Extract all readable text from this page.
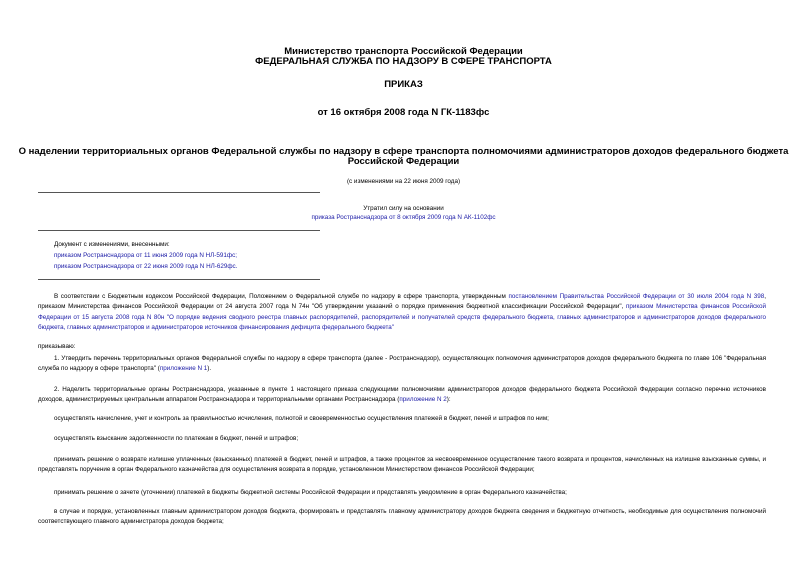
Министерство транспорта Российской Федерации
ФЕДЕРАЛЬНАЯ СЛУЖБА ПО НАДЗОРУ В СФЕРЕ ТРАНСПОРТА
ПРИКАЗ
от 16 октября 2008 года N ГК-1183фс
О наделении территориальных органов Федеральной службы по надзору в сфере транспорта полномочиями администраторов доходов федерального бюджета
Российской Федерации
(с изменениями на 22 июня 2009 года)
Утратил силу на основании
приказа Ространснадзора от 8 октября 2009 года N АК-1102фс
Документ с изменениями, внесенными:
приказом Ространснадзора от 11 июня 2009 года N НЛ-591фс;
приказом Ространснадзора от 22 июня 2009 года N НЛ-629фс.
В соответствии с Бюджетным кодексом Российской Федерации, Положением о Федеральной службе по надзору в сфере транспорта, утвержденным постановлением Правительства Российской Федерации от 30 июля 2004 года N 398, приказом Министерства финансов Российской Федерации от 24 августа 2007 года N 74н "Об утверждении указаний о порядке применения бюджетной классификации Российской Федерации", приказом Министерства финансов Российской Федерации от 15 августа 2008 года N 80н "О порядке ведения сводного реестра главных распорядителей, распорядителей и получателей средств федерального бюджета, главных администраторов и администраторов доходов федерального бюджета, главных администраторов и администраторов источников финансирования дефицита федерального бюджета"
приказываю:
1. Утвердить перечень территориальных органов Федеральной службы по надзору в сфере транспорта (далее - Ространснадзор), осуществляющих полномочия администраторов доходов федерального бюджета по главе 106 "Федеральная служба по надзору в сфере транспорта" (приложение N 1).
2. Наделить территориальные органы Ространснадзора, указанные в пункте 1 настоящего приказа следующими полномочиями администраторов доходов федерального бюджета Российской Федерации согласно перечню источников доходов, администрируемых центральным аппаратом Ространснадзора и территориальными органами Ространснадзора (приложение N 2):
осуществлять начисление, учет и контроль за правильностью исчисления, полнотой и своевременностью осуществления платежей в бюджет, пеней и штрафов по ним;
осуществлять взыскание задолженности по платежам в бюджет, пеней и штрафов;
принимать решение о возврате излишне уплаченных (взысканных) платежей в бюджет, пеней и штрафов, а также процентов за несвоевременное осуществление такого возврата и процентов, начисленных на излишне взысканные суммы, и представлять поручение в орган Федерального казначейства для осуществления возврата в порядке, установленном Министерством финансов Российской Федерации;
принимать решение о зачете (уточнении) платежей в бюджеты бюджетной системы Российской Федерации и представлять уведомление в орган Федерального казначейства;
в случае и порядке, установленных главным администратором доходов бюджета, формировать и представлять главному администратору доходов бюджета сведения и бюджетную отчетность, необходимые для осуществления полномочий соответствующего главного администратора доходов бюджета;
